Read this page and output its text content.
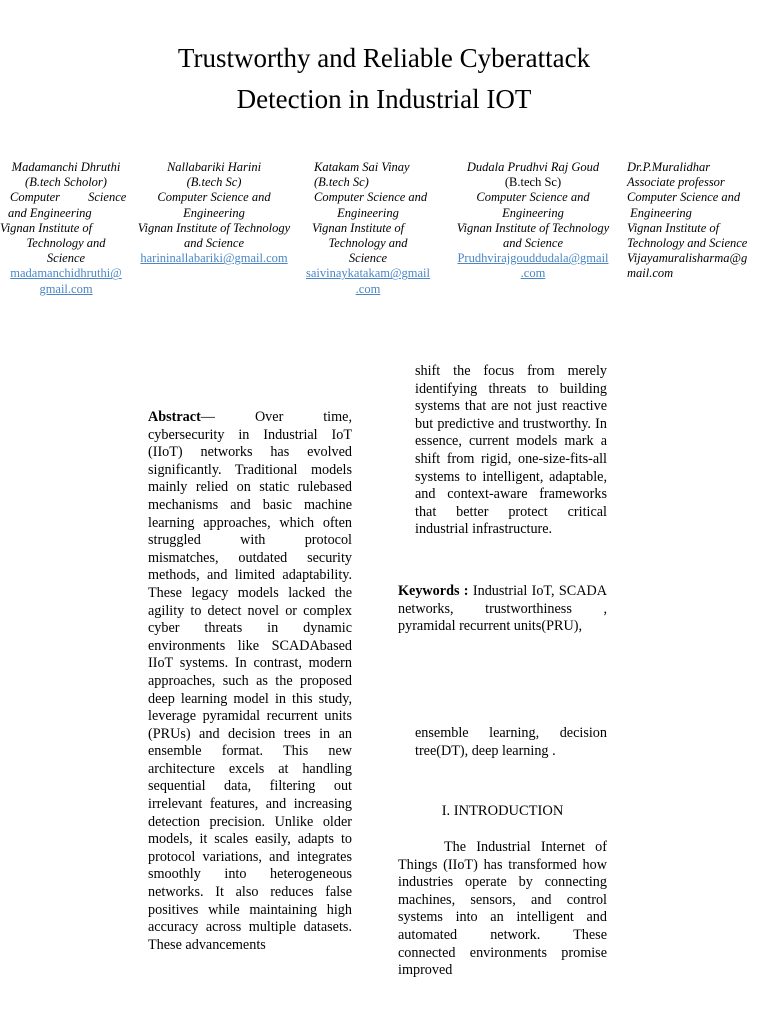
Trustworthy and Reliable Cyberattack
Detection in Industrial IOT
Madamanchi Dhruthi
(B.tech Scholor)
Computer         Science
and Engineering
Vignan Institute of
Technology and
Science
madamanchidhruthi@
gmail.com
Nallabariki Harini
(B.tech Sc)
Computer Science and
Engineering
Vignan Institute of Technology
and Science
harininallabariki@gmail.com
Katakam Sai Vinay
(B.tech Sc)
Computer Science and
Engineering
Vignan Institute of
Technology and
Science
saivinaykatakam@gmail
.com
Dudala Prudhvi Raj Goud
(B.tech Sc)
Computer Science and
Engineering
Vignan Institute of Technology
and Science
Prudhvirajgouddudala@gmail
.com
Dr.P.Muralidhar
Associate professor
Computer Science and
Engineering
Vignan Institute of
Technology and Science
Vijayamuralisharma@g
mail.com

Abstract—	Over time, cybersecurity in Industrial IoT (IIoT) networks has evolved significantly. Traditional models mainly relied on static rulebased mechanisms and basic machine learning approaches, which often struggled with protocol mismatches, outdated security methods, and limited adaptability. These legacy models lacked the agility to detect novel or complex cyber threats in dynamic environments like SCADAbased IIoT systems. In contrast, modern approaches, such as the proposed deep learning model in this study, leverage pyramidal recurrent units (PRUs) and decision trees in an ensemble format. This new architecture excels at handling sequential data, filtering out irrelevant features, and increasing detection precision. Unlike older models, it scales easily, adapts to protocol variations, and integrates smoothly into heterogeneous networks. It also reduces false positives while maintaining high accuracy across multiple datasets. These advancements

shift the focus from merely identifying threats to building systems that are not just reactive but predictive and trustworthy. In essence, current models mark a shift from rigid, one-size-fits-all systems to intelligent, adaptable, and context-aware frameworks that better protect critical industrial infrastructure.

Keywords : Industrial IoT, SCADA networks, trustworthiness , pyramidal recurrent units(PRU),

ensemble learning, decision tree(DT), deep learning .

I. INTRODUCTION

The Industrial Internet of Things (IIoT) has transformed how industries operate by connecting machines, sensors, and control systems into an intelligent and automated network. These connected environments promise improved
